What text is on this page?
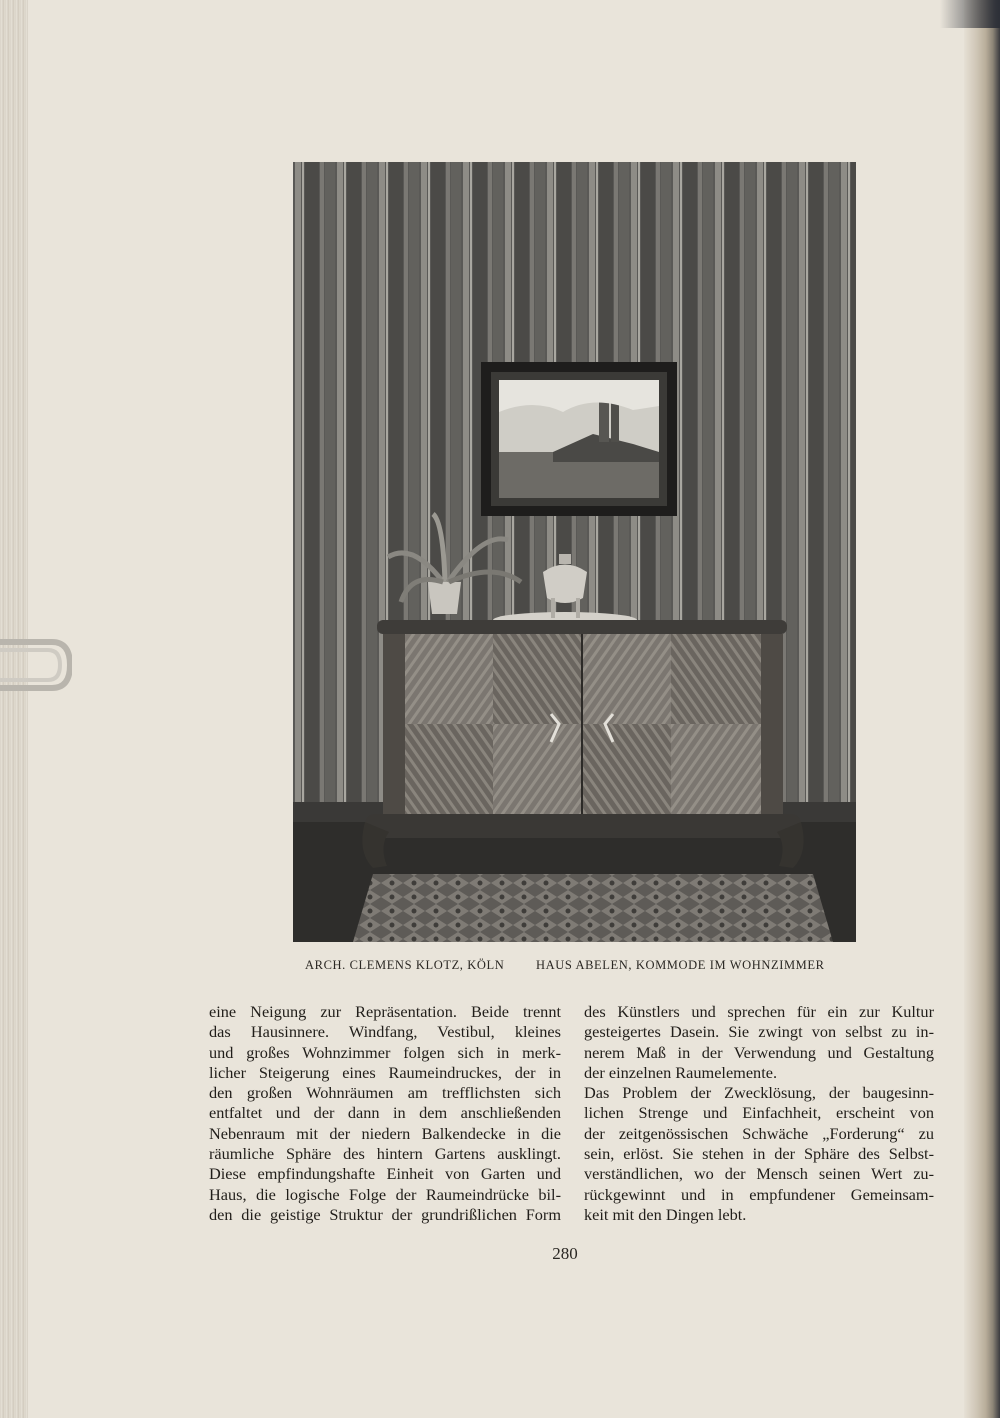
ARCH. CLEMENS KLOTZ, KÖLN	HAUS ABELEN, KOMMODE IM WOHNZIMMER
eine Neigung zur Repräsentation. Beide trennt
das Hausinnere. Windfang, Vestibul, kleines
und großes Wohnzimmer folgen sich in merk-
licher Steigerung eines Raumeindruckes, der in
den großen Wohnräumen am trefflichsten sich
entfaltet und der dann in dem anschließenden
Nebenraum mit der niedern Balkendecke in die
räumliche Sphäre des hintern Gartens ausklingt.
Diese empfindungshafte Einheit von Garten und
Haus, die logische Folge der Raumeindrücke bil-
den die geistige Struktur der grundrißlichen Form
des Künstlers und sprechen für ein zur Kultur
gesteigertes Dasein. Sie zwingt von selbst zu in-
nerem Maß in der Verwendung und Gestaltung
der einzelnen Raumelemente.
Das Problem der Zwecklösung, der baugesinn-
lichen Strenge und Einfachheit, erscheint von
der zeitgenössischen Schwäche „Forderung“ zu
sein, erlöst. Sie stehen in der Sphäre des Selbst-
verständlichen, wo der Mensch seinen Wert zu-
rückgewinnt und in empfundener Gemeinsam-
keit mit den Dingen lebt.
280
